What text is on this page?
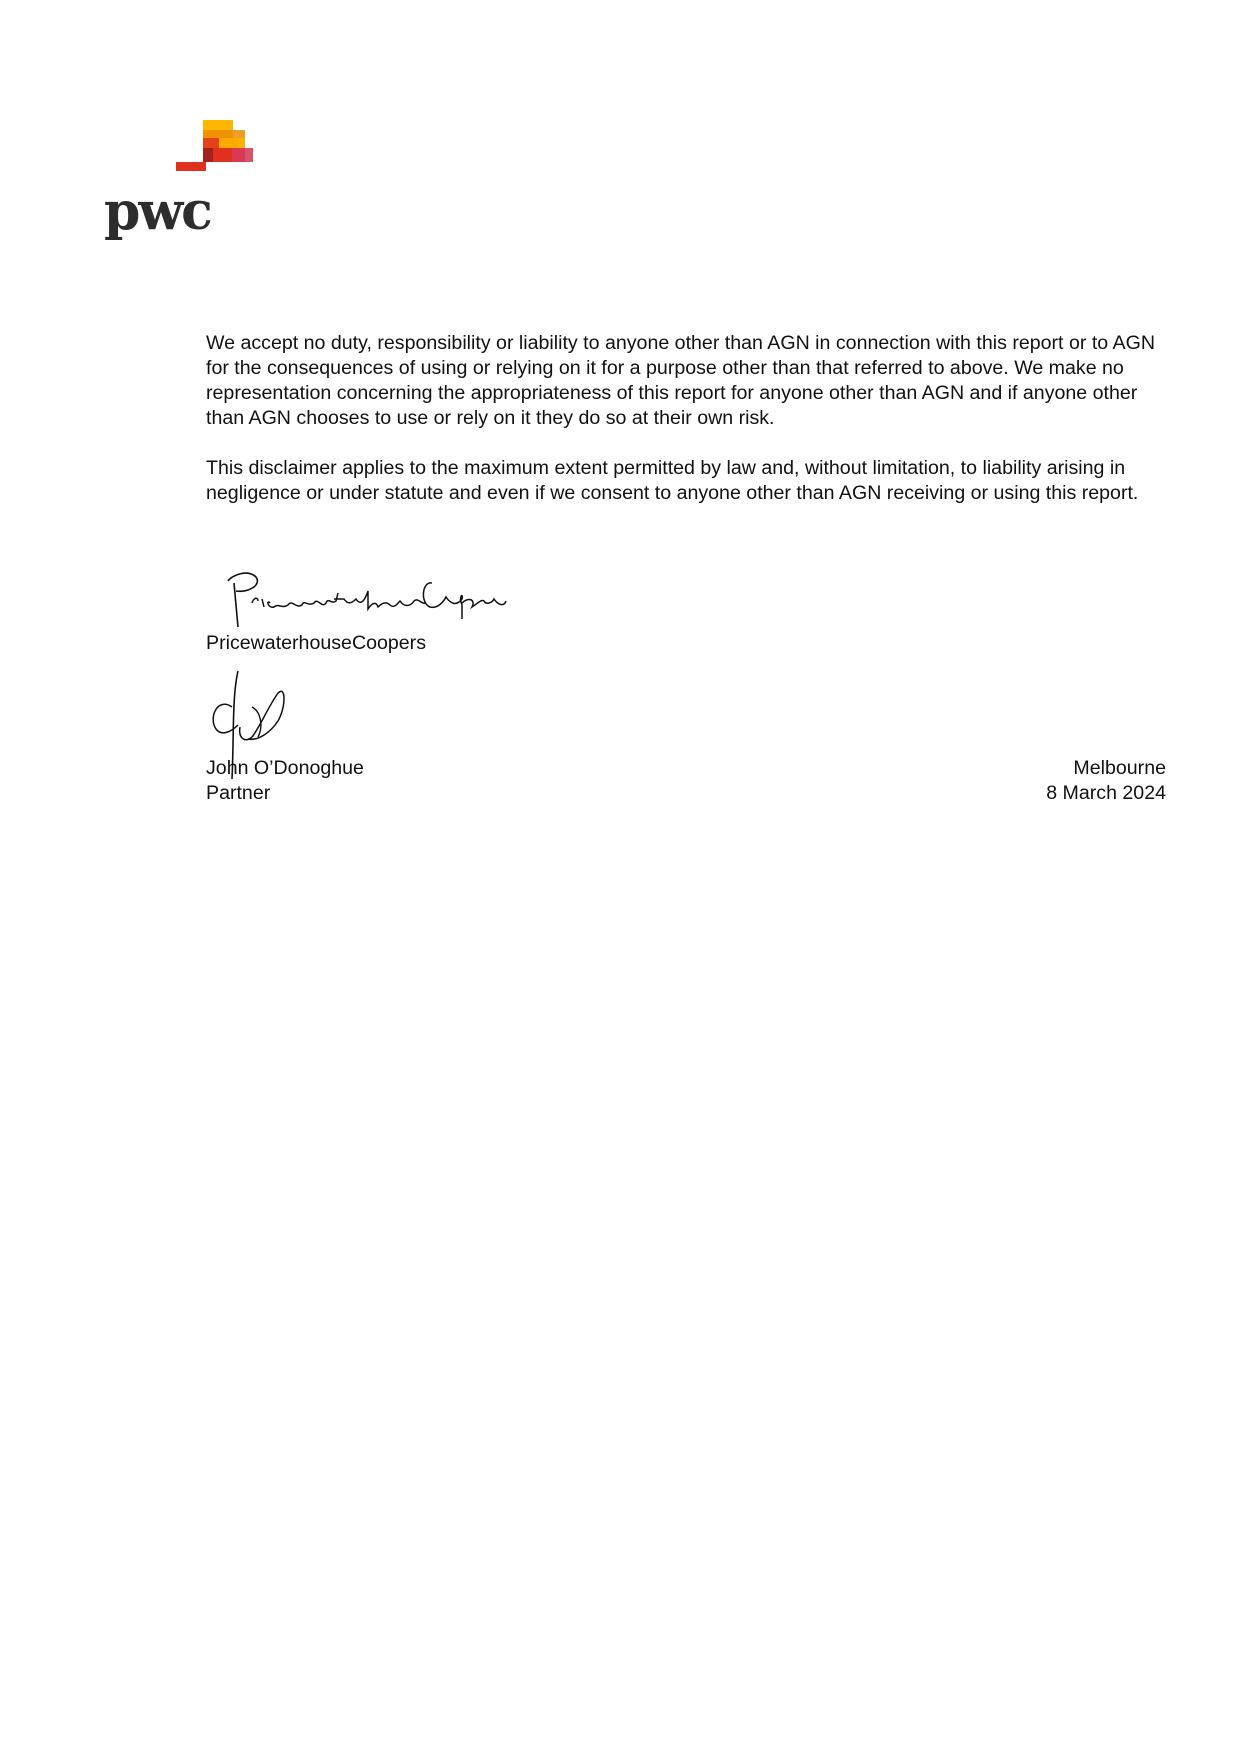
pwc

We accept no duty, responsibility or liability to anyone other than AGN in connection with this report or to AGN for the consequences of using or relying on it for a purpose other than that referred to above. We make no representation concerning the appropriateness of this report for anyone other than AGN and if anyone other than AGN chooses to use or rely on it they do so at their own risk.

This disclaimer applies to the maximum extent permitted by law and, without limitation, to liability arising in negligence or under statute and even if we consent to anyone other than AGN receiving or using this report.

PricewaterhouseCoopers
John O’Donoghue
Partner
Melbourne
8 March 2024
